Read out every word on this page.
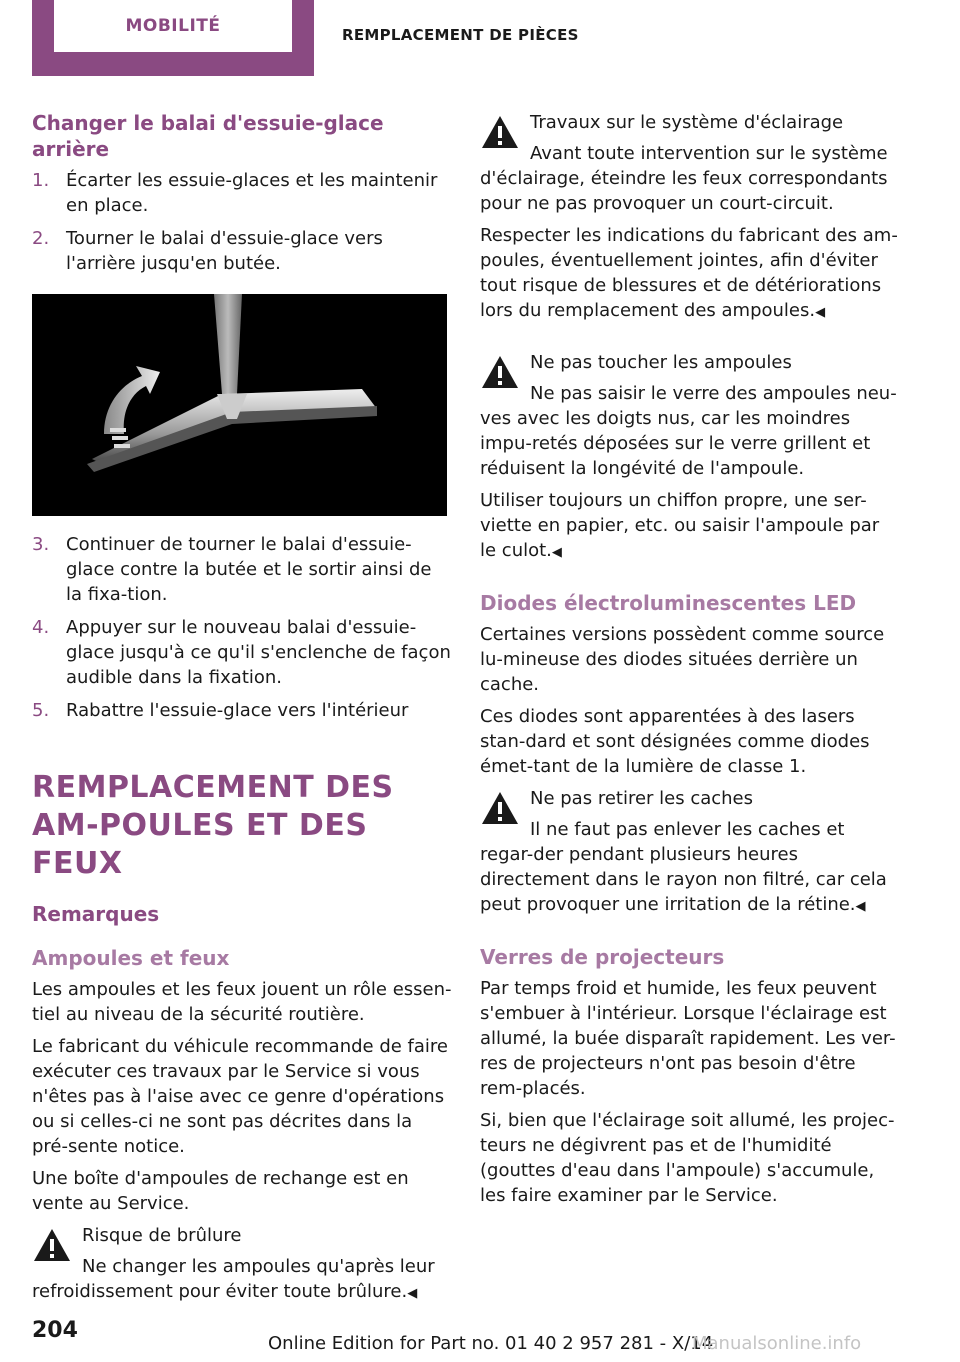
MOBILITÉ	REMPLACEMENT DE PIÈCES
Changer le balai d'essuie-glace arrière
1. Écarter les essuie-glaces et les maintenir en place.
2. Tourner le balai d'essuie-glace vers l'arrière jusqu'en butée.
3. Continuer de tourner le balai d'essuie-glace contre la butée et le sortir ainsi de la fixa-tion.
4. Appuyer sur le nouveau balai d'essuie-glace jusqu'à ce qu'il s'enclenche de façon audible dans la fixation.
5. Rabattre l'essuie-glace vers l'intérieur
REMPLACEMENT DES AM-POULES ET DES FEUX
Remarques
Ampoules et feux

Les ampoules et les feux jouent un rôle essen-tiel au niveau de la sécurité routière.

Le fabricant du véhicule recommande de faire exécuter ces travaux par le Service si vous n'êtes pas à l'aise avec ce genre d'opérations ou si celles-ci ne sont pas décrites dans la pré-sente notice.

Une boîte d'ampoules de rechange est en vente au Service.

Risque de brûlure
Ne changer les ampoules qu'après leur refroidissement pour éviter toute brûlure.◀
Travaux sur le système d'éclairage
Avant toute intervention sur le système d'éclairage, éteindre les feux correspondants pour ne pas provoquer un court-circuit.

Respecter les indications du fabricant des am-poules, éventuellement jointes, afin d'éviter tout risque de blessures et de détériorations lors du remplacement des ampoules.◀

Ne pas toucher les ampoules
Ne pas saisir le verre des ampoules neu-ves avec les doigts nus, car les moindres impu-retés déposées sur le verre grillent et réduisent la longévité de l'ampoule.

Utiliser toujours un chiffon propre, une ser-viette en papier, etc. ou saisir l'ampoule par le culot.◀

Diodes électroluminescentes LED

Certaines versions possèdent comme source lu-mineuse des diodes situées derrière un cache.

Ces diodes sont apparentées à des lasers stan-dard et sont désignées comme diodes émet-tant de la lumière de classe 1.

Ne pas retirer les caches
Il ne faut pas enlever les caches et regar-der pendant plusieurs heures directement dans le rayon non filtré, car cela peut provoquer une irritation de la rétine.◀
Verres de projecteurs

Par temps froid et humide, les feux peuvent s'embuer à l'intérieur. Lorsque l'éclairage est allumé, la buée disparaît rapidement. Les ver-res de projecteurs n'ont pas besoin d'être rem-placés.

Si, bien que l'éclairage soit allumé, les projec-teurs ne dégivrent pas et de l'humidité (gouttes d'eau dans l'ampoule) s'accumule, les faire examiner par le Service.

204
Online Edition for Part no. 01 40 2 957 281 - X/14
Manualsonline.info
